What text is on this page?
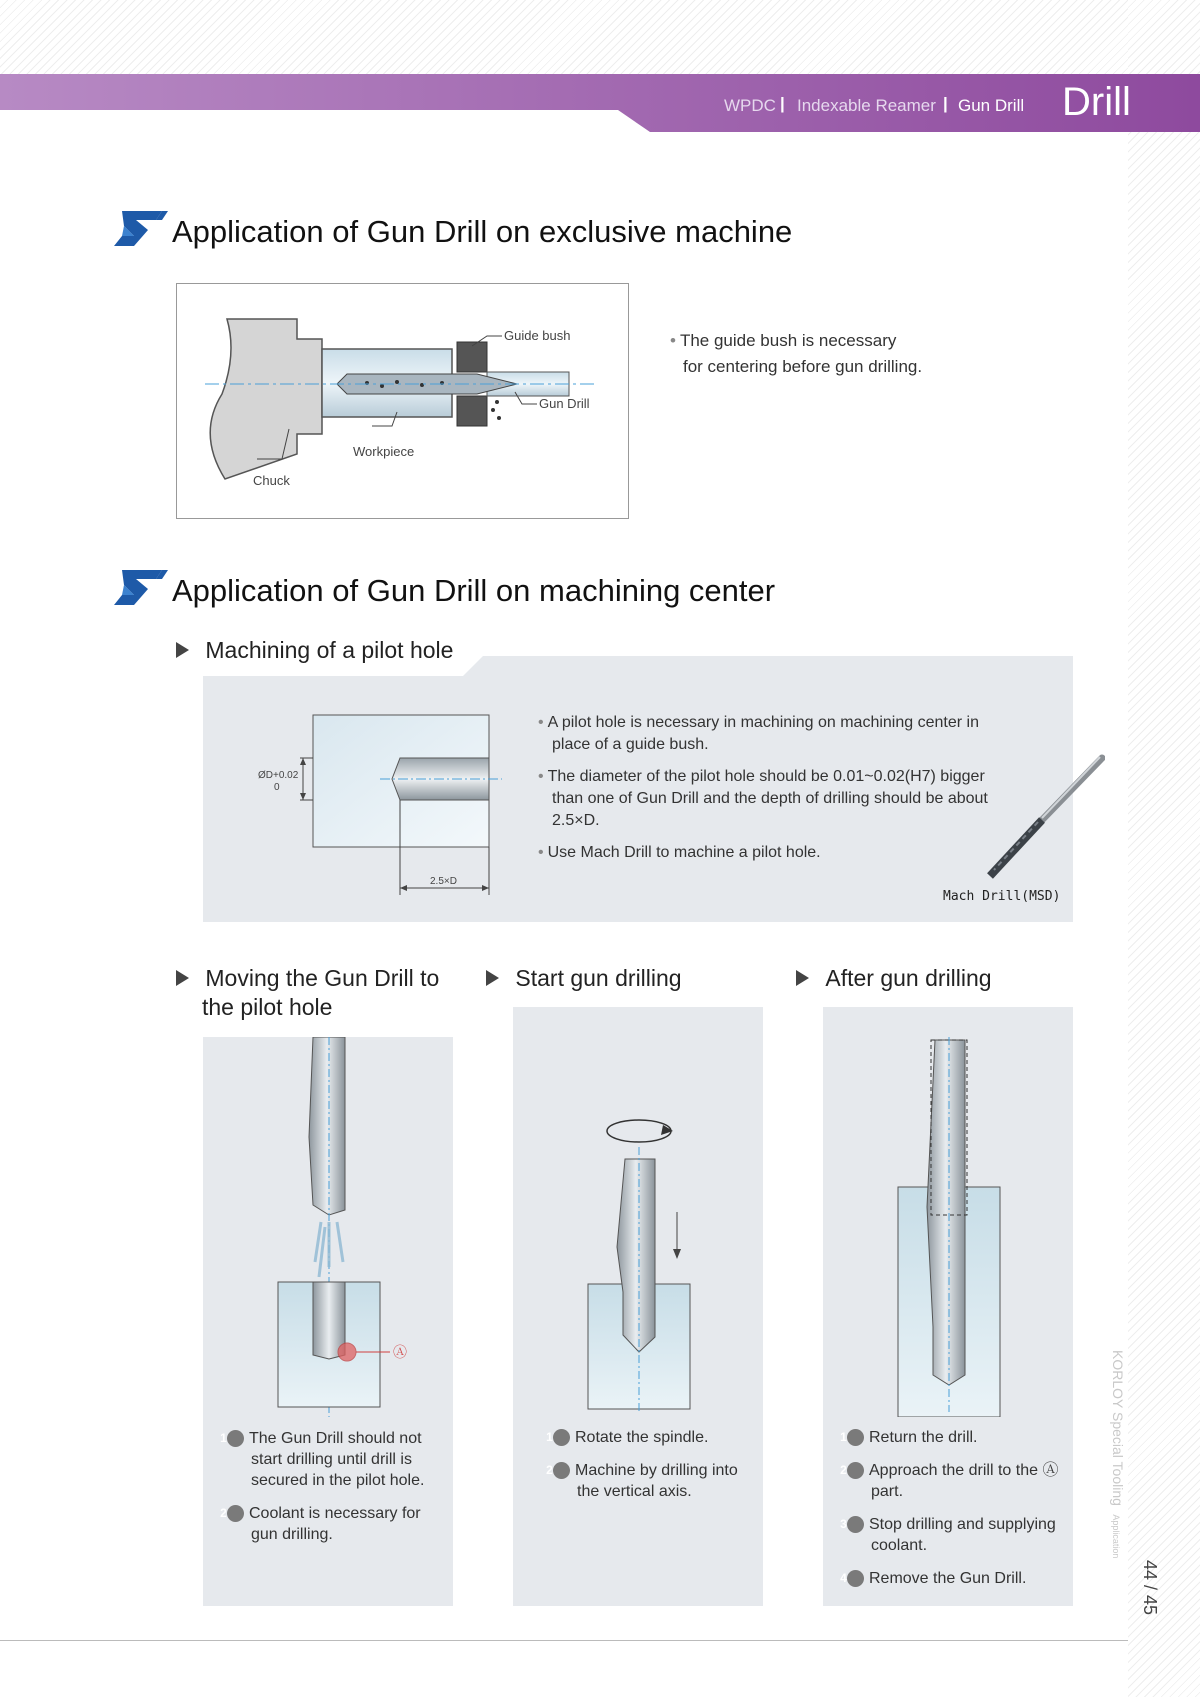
WPDC | Indexable Reamer | Gun Drill Drill
Application of Gun Drill on exclusive machine
Guide bush
Gun Drill
Workpiece
Chuck
• The guide bush is necessary
for centering before gun drilling.
Application of Gun Drill on machining center
Machining of a pilot hole
ØD+0.02
0
2.5×D
• A pilot hole is necessary in machining on machining center in place of a guide bush.
• The diameter of the pilot hole should be 0.01~0.02(H7) bigger than one of Gun Drill and the depth of drilling should be about 2.5×D.
• Use Mach Drill to machine a pilot hole.
Mach Drill(MSD)
Moving the Gun Drill to
the pilot hole
Start gun drilling	After gun drilling
Ⓐ
1 The Gun Drill should not start drilling until drill is secured in the pilot hole.
2 Coolant is necessary for gun drilling.
1 Rotate the spindle.
2 Machine by drilling into the vertical axis.
1 Return the drill.
2 Approach the drill to the Ⓐ part.
3 Stop drilling and supplying coolant.
4 Remove the Gun Drill.
KORLOY Special Tooling Application
44 / 45
